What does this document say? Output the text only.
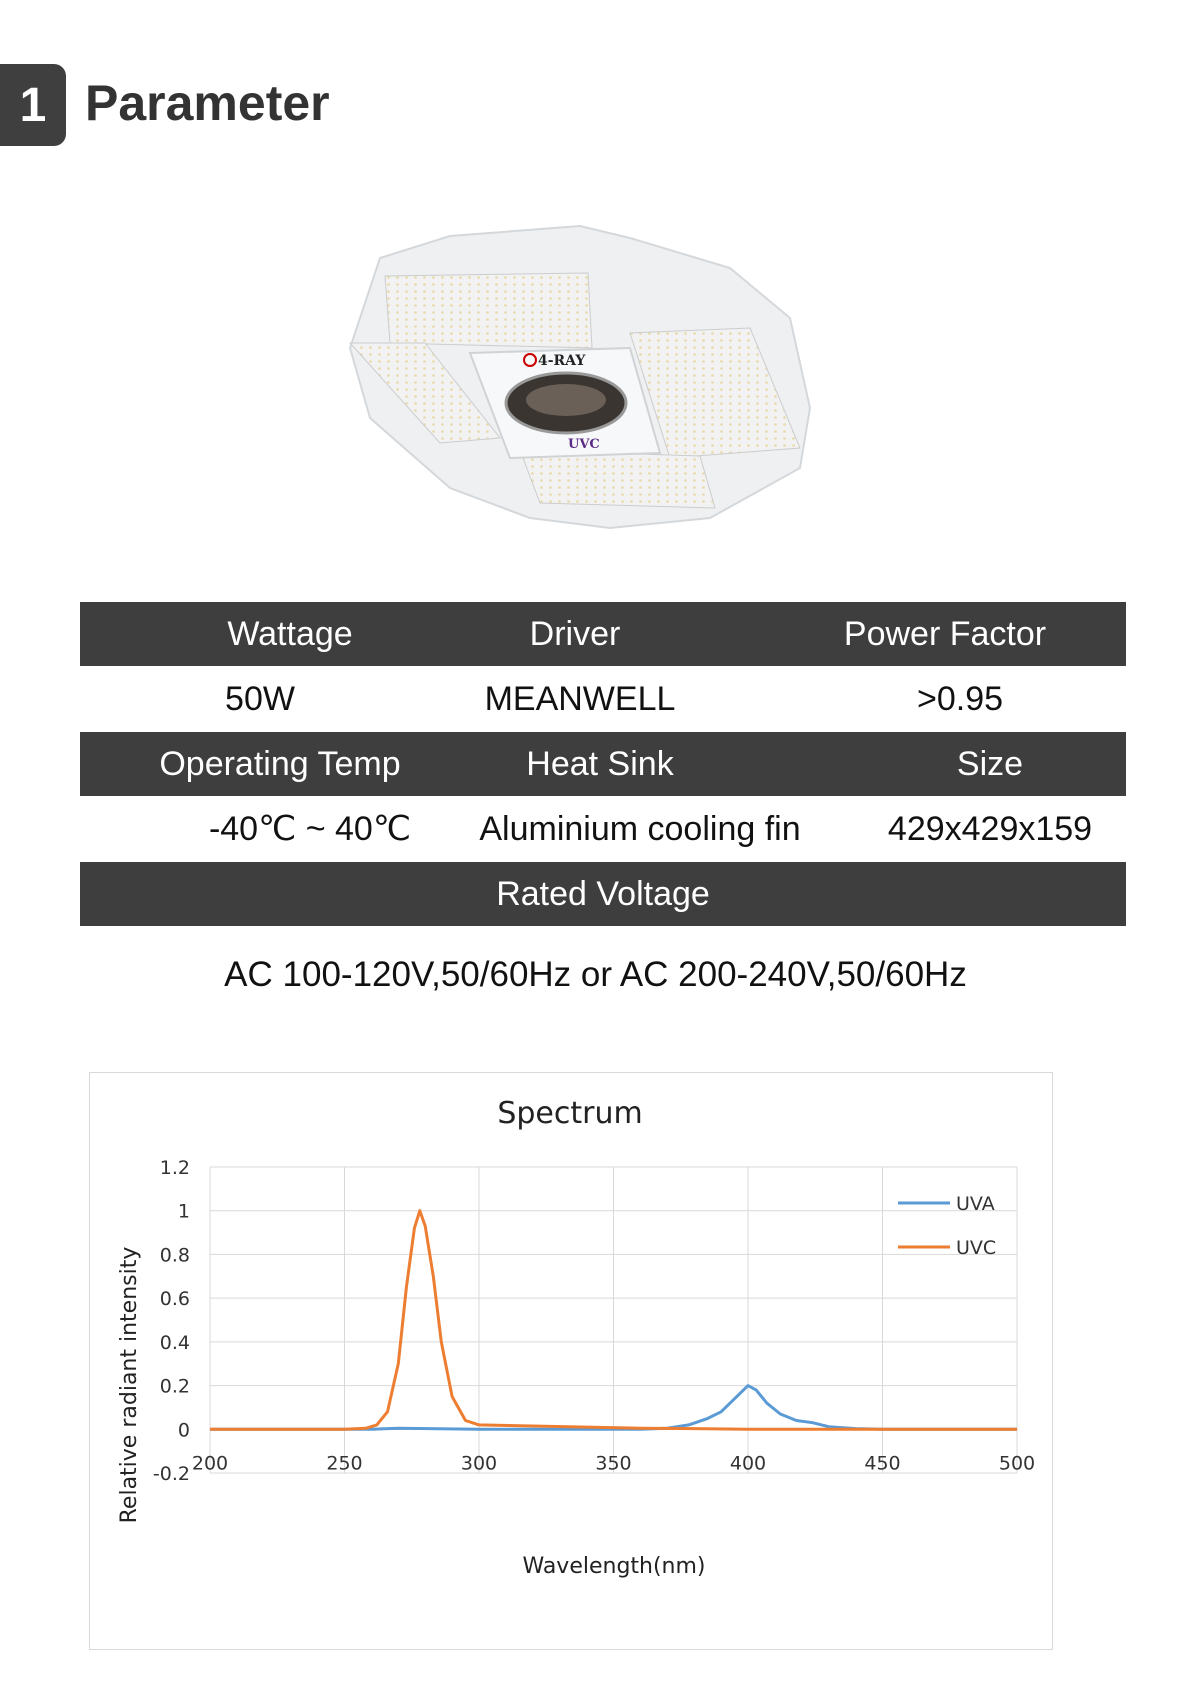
1 Parameter
4-RAY
UVC
Wattage	Driver	Power Factor
50W	MEANWELL	>0.95
Operating Temp	Heat Sink	Size
-40℃ ~ 40℃	Aluminium cooling fin	429x429x159
Rated Voltage
AC 100-120V,50/60Hz or AC 200-240V,50/60Hz
-0.2
0
0.2
0.4
0.6
0.8
1
1.2
200	250	300	350	400	450	500
Spectrum
Wavelength(nm)
Relative radiant intensity
UVA
UVC
